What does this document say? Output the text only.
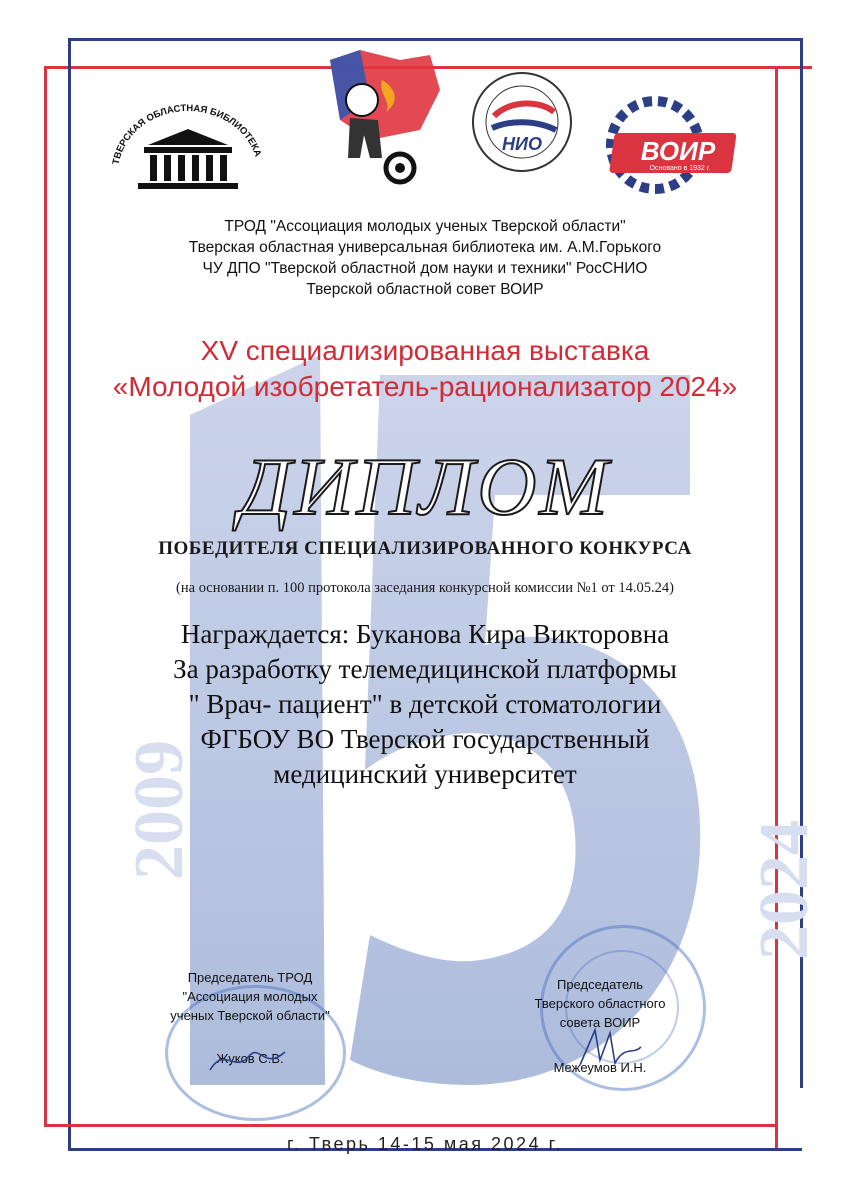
2009
2024
ТВЕРСКАЯ ОБЛАСТНАЯ БИБЛИОТЕКА	НИО	ВОИР
Основано в 1932 г.
ТРОД "Ассоциация молодых ученых Тверской области"
Тверская областная универсальная библиотека им. А.М.Горького
ЧУ ДПО "Тверской областной дом науки и техники" РосСНИО
Тверской областной совет ВОИР
XV специализированная выставка
«Молодой изобретатель-рационализатор 2024»
ДИПЛОМ
ПОБЕДИТЕЛЯ СПЕЦИАЛИЗИРОВАННОГО КОНКУРСА
(на основании п. 100 протокола заседания конкурсной комиссии №1 от 14.05.24)
Награждается: Буканова Кира Викторовна
За разработку телемедицинской платформы
" Врач- пациент" в детской стоматологии
ФГБОУ ВО Тверской государственный
медицинский университет
Председатель ТРОД
"Ассоциация молодых
ученых Тверской области"
Жуков С.В.
Председатель
Тверского областного
совета ВОИР
Межеумов И.Н.
г. Тверь 14-15 мая 2024 г.
